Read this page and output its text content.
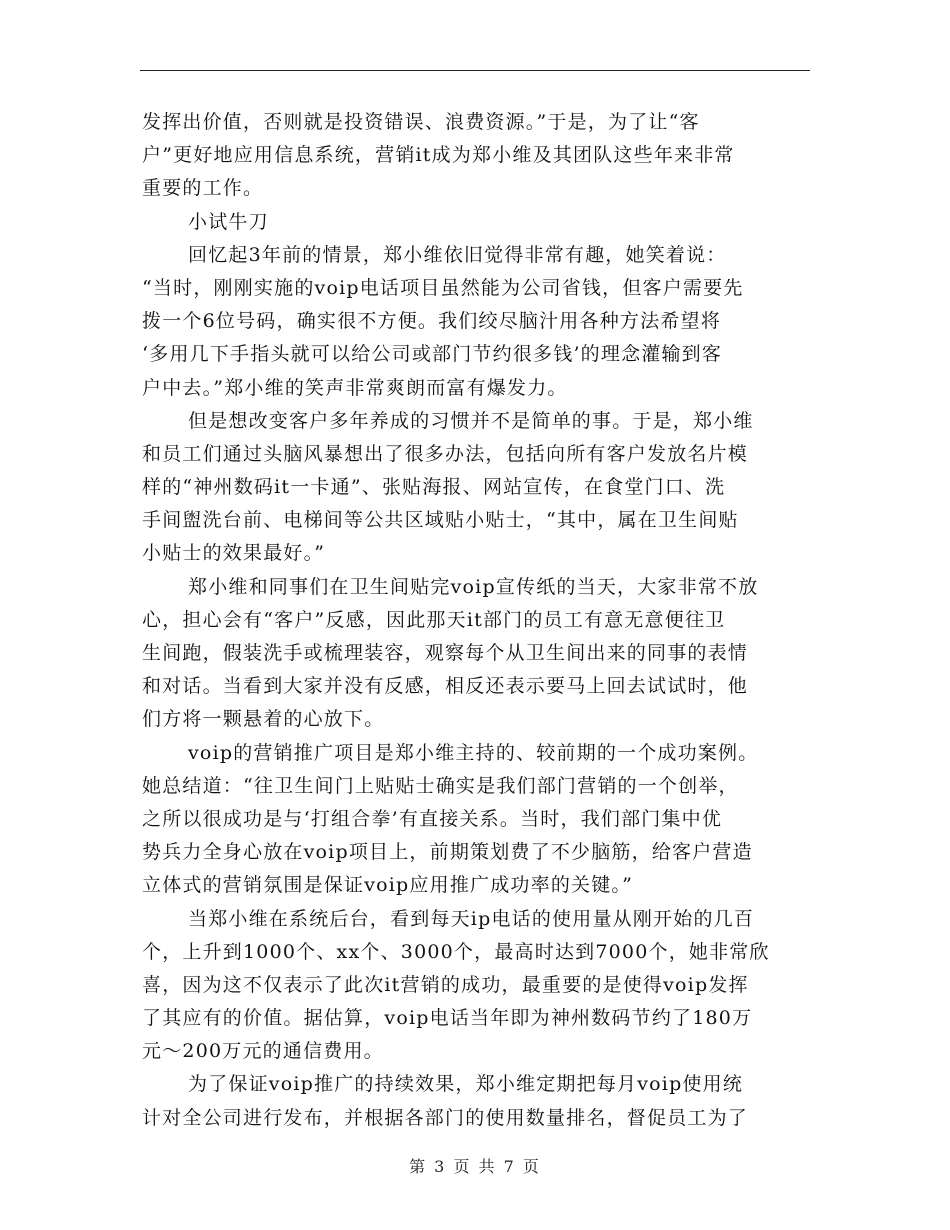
发挥出价值，否则就是投资错误、浪费资源。”于是，为了让“客
户”更好地应用信息系统，营销it成为郑小维及其团队这些年来非常
重要的工作。
小试牛刀
回忆起3年前的情景，郑小维依旧觉得非常有趣，她笑着说：
“当时，刚刚实施的voip电话项目虽然能为公司省钱，但客户需要先
拨一个6位号码，确实很不方便。我们绞尽脑汁用各种方法希望将
‘多用几下手指头就可以给公司或部门节约很多钱’的理念灌输到客
户中去。”郑小维的笑声非常爽朗而富有爆发力。
但是想改变客户多年养成的习惯并不是简单的事。于是，郑小维
和员工们通过头脑风暴想出了很多办法，包括向所有客户发放名片模
样的“神州数码it一卡通”、张贴海报、网站宣传，在食堂门口、洗
手间盥洗台前、电梯间等公共区域贴小贴士，“其中，属在卫生间贴
小贴士的效果最好。”
郑小维和同事们在卫生间贴完voip宣传纸的当天，大家非常不放
心，担心会有“客户”反感，因此那天it部门的员工有意无意便往卫
生间跑，假装洗手或梳理装容，观察每个从卫生间出来的同事的表情
和对话。当看到大家并没有反感，相反还表示要马上回去试试时，他
们方将一颗悬着的心放下。
voip的营销推广项目是郑小维主持的、较前期的一个成功案例。
她总结道：“往卫生间门上贴贴士确实是我们部门营销的一个创举，
之所以很成功是与‘打组合拳’有直接关系。当时，我们部门集中优
势兵力全身心放在voip项目上，前期策划费了不少脑筋，给客户营造
立体式的营销氛围是保证voip应用推广成功率的关键。”
当郑小维在系统后台，看到每天ip电话的使用量从刚开始的几百
个，上升到1000个、xx个、3000个，最高时达到7000个，她非常欣
喜，因为这不仅表示了此次it营销的成功，最重要的是使得voip发挥
了其应有的价值。据估算，voip电话当年即为神州数码节约了180万
元～200万元的通信费用。
为了保证voip推广的持续效果，郑小维定期把每月voip使用统
计对全公司进行发布，并根据各部门的使用数量排名，督促员工为了
第 3 页 共 7 页
